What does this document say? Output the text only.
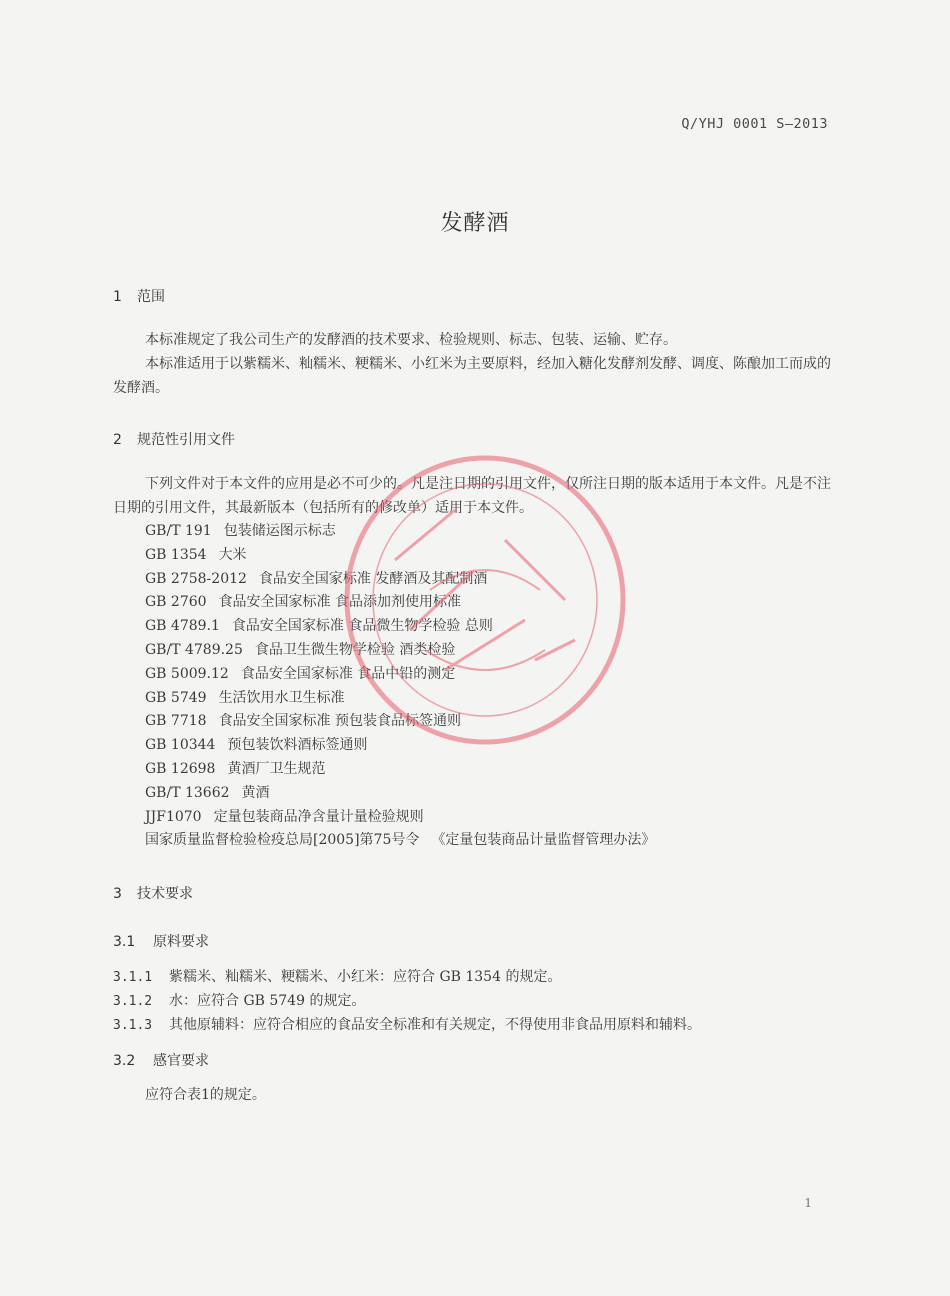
Q/YHJ 0001 S—2013
发酵酒
1 范围
本标准规定了我公司生产的发酵酒的技术要求、检验规则、标志、包装、运输、贮存。
本标准适用于以紫糯米、籼糯米、粳糯米、小红米为主要原料，经加入糖化发酵剂发酵、调度、陈酿加工而成的发酵酒。
2 规范性引用文件
下列文件对于本文件的应用是必不可少的。凡是注日期的引用文件，仅所注日期的版本适用于本文件。凡是不注日期的引用文件，其最新版本（包括所有的修改单）适用于本文件。
GB/T 191 包装储运图示标志
GB 1354 大米
GB 2758-2012 食品安全国家标准 发酵酒及其配制酒
GB 2760 食品安全国家标准 食品添加剂使用标准
GB 4789.1 食品安全国家标准 食品微生物学检验 总则
GB/T 4789.25 食品卫生微生物学检验 酒类检验
GB 5009.12 食品安全国家标准 食品中铅的测定
GB 5749 生活饮用水卫生标准
GB 7718 食品安全国家标准 预包装食品标签通则
GB 10344 预包装饮料酒标签通则
GB 12698 黄酒厂卫生规范
GB/T 13662 黄酒
JJF1070 定量包装商品净含量计量检验规则
国家质量监督检验检疫总局[2005]第75号令 《定量包装商品计量监督管理办法》
3 技术要求
3.1 原料要求
3.1.1 紫糯米、籼糯米、粳糯米、小红米：应符合 GB 1354 的规定。
3.1.2 水：应符合 GB 5749 的规定。
3.1.3 其他原辅料：应符合相应的食品安全标准和有关规定，不得使用非食品用原料和辅料。
3.2 感官要求
应符合表1的规定。
1
